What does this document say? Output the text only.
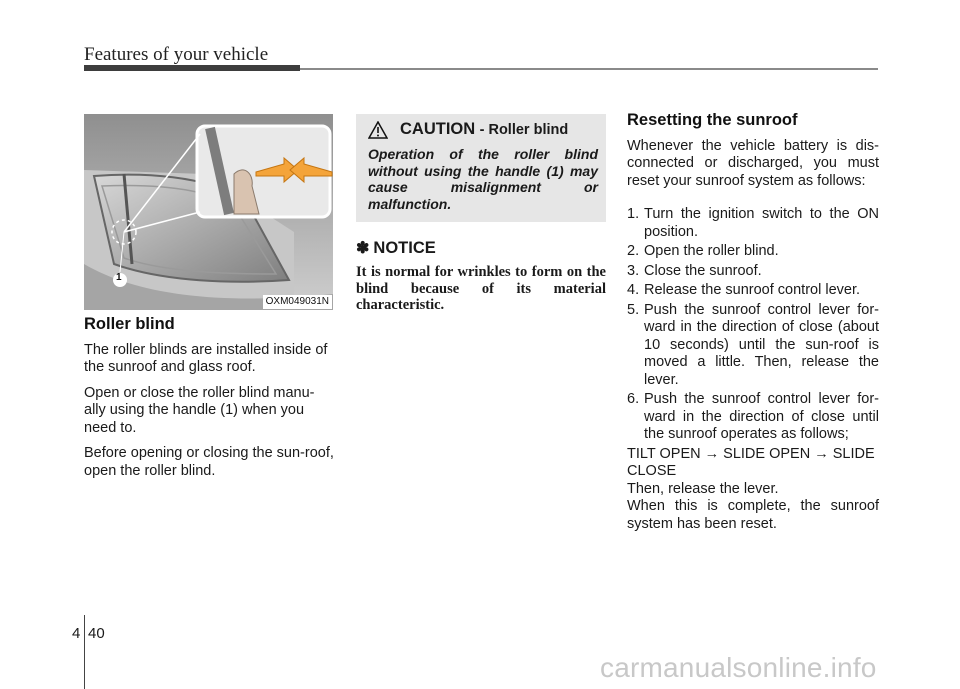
Features of your vehicle
1
OXM049031N
Roller blind

The roller blinds are installed inside of the sunroof and glass roof.

Open or close the roller blind manu-ally using the handle (1) when you need to.

Before opening or closing the sun-roof, open the roller blind.

CAUTION
- Roller blind

Operation of the roller blind without using the handle (1) may cause misalignment or malfunction.

✽ NOTICE

It is normal for wrinkles to form on the blind because of its material characteristic.

Resetting the sunroof

Whenever the vehicle battery is dis-connected or discharged, you must reset your sunroof system as follows:

1. Turn the ignition switch to the ON position.
2. Open the roller blind.
3. Close the sunroof.
4. Release the sunroof control lever.
5. Push the sunroof control lever for-ward in the direction of close (about 10 seconds) until the sun-roof is moved a little. Then, release the lever.
6. Push the sunroof control lever for-ward in the direction of close until the sunroof operates as follows;

TILT OPEN → SLIDE OPEN → SLIDE CLOSE

Then, release the lever.

When this is complete, the sunroof system has been reset.

4 40
carmanualsonline.info
